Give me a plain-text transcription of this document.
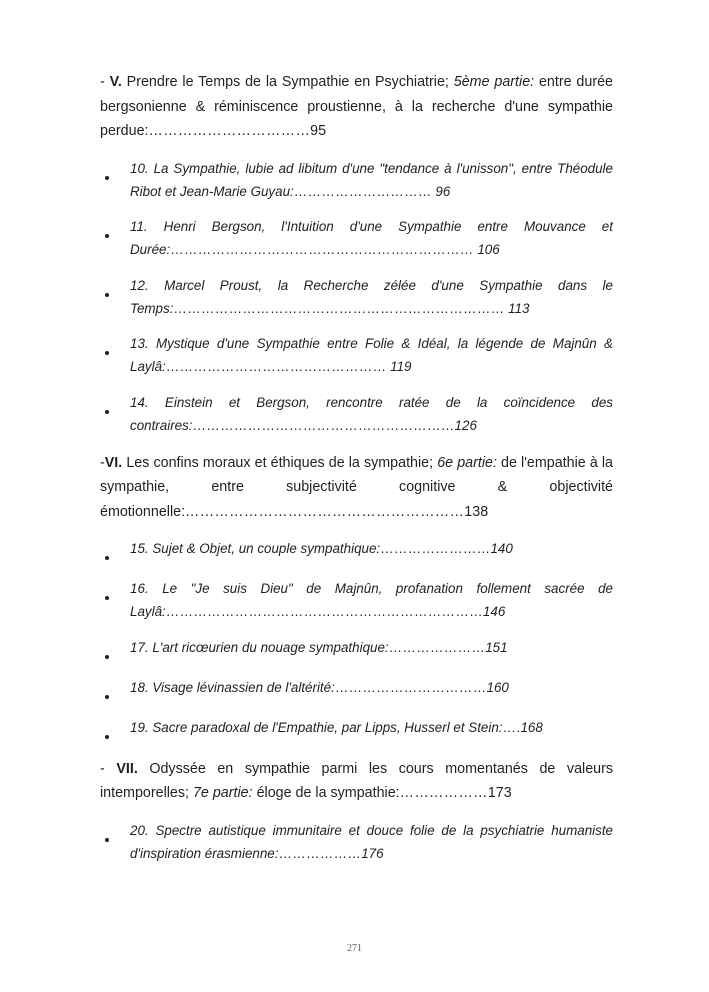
- V. Prendre le Temps de la Sympathie en Psychiatrie; 5ème partie: entre durée bergsonienne & réminiscence proustienne, à la recherche d'une sympathie perdue:……………………………95

10. La Sympathie, lubie ad libitum d'une "tendance à l'unisson", entre Théodule Ribot et Jean-Marie Guyau:………………………… 96
11. Henri Bergson, l'Intuition d'une Sympathie entre Mouvance et Durée:………………………………………………………… 106
12. Marcel Proust, la Recherche zélée d'une Sympathie dans le Temps:……………………………………………………………… 113
13. Mystique d'une Sympathie entre Folie & Idéal, la légende de Majnûn & Laylâ:………………………………………… 119
14. Einstein et Bergson, rencontre ratée de la coïncidence des contraires:…………………………………………………126

-VI. Les confins moraux et éthiques de la sympathie; 6e partie: de l'empathie à la sympathie, entre subjectivité cognitive & objectivité émotionnelle:…………………………………………………138

15. Sujet & Objet, un couple sympathique:……………………140
16. Le "Je suis Dieu" de Majnûn, profanation follement sacrée de Laylâ:……………………………………………………………146
17. L'art ricœurien du nouage sympathique:…………………151
18. Visage lévinassien de l'altérité:……………………………160
19. Sacre paradoxal de l'Empathie, par Lipps, Husserl et Stein:….168

- VII. Odyssée en sympathie parmi les cours momentanés de valeurs intemporelles; 7e partie: éloge de la sympathie:………………173

20. Spectre autistique immunitaire et douce folie de la psychiatrie humaniste d'inspiration érasmienne:………………176
271
